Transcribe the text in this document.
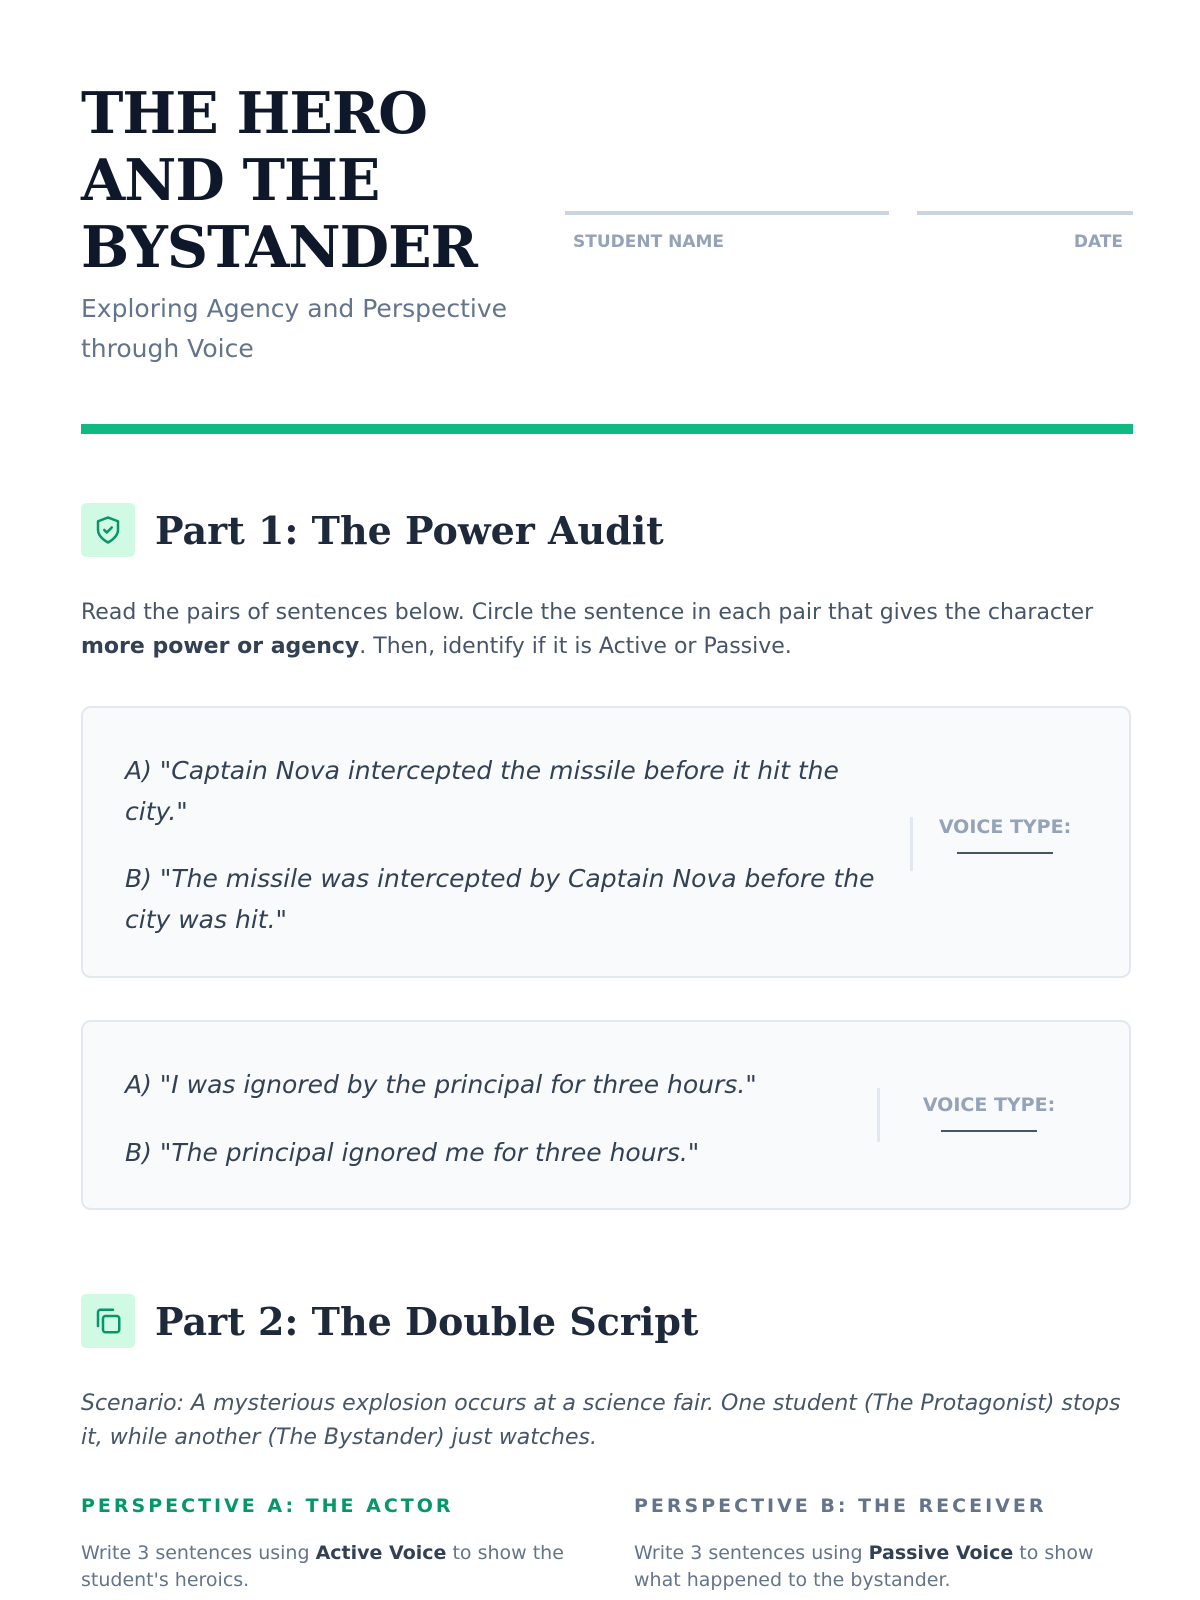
THE HERO AND THE BYSTANDER

Exploring Agency and Perspective through Voice

STUDENT NAME	DATE
Part 1: The Power Audit

Read the pairs of sentences below. Circle the sentence in each pair that gives the character more power or agency. Then, identify if it is Active or Passive.

A) "Captain Nova intercepted the missile before it hit the city."

B) "The missile was intercepted by Captain Nova before the city was hit."

VOICE TYPE:

A) "I was ignored by the principal for three hours."

B) "The principal ignored me for three hours."

VOICE TYPE:
Part 2: The Double Script

Scenario: A mysterious explosion occurs at a science fair. One student (The Protagonist) stops it, while another (The Bystander) just watches.

PERSPECTIVE A: THE ACTOR

Write 3 sentences using Active Voice to show the student's heroics.

PERSPECTIVE B: THE RECEIVER

Write 3 sentences using Passive Voice to show what happened to the bystander.
